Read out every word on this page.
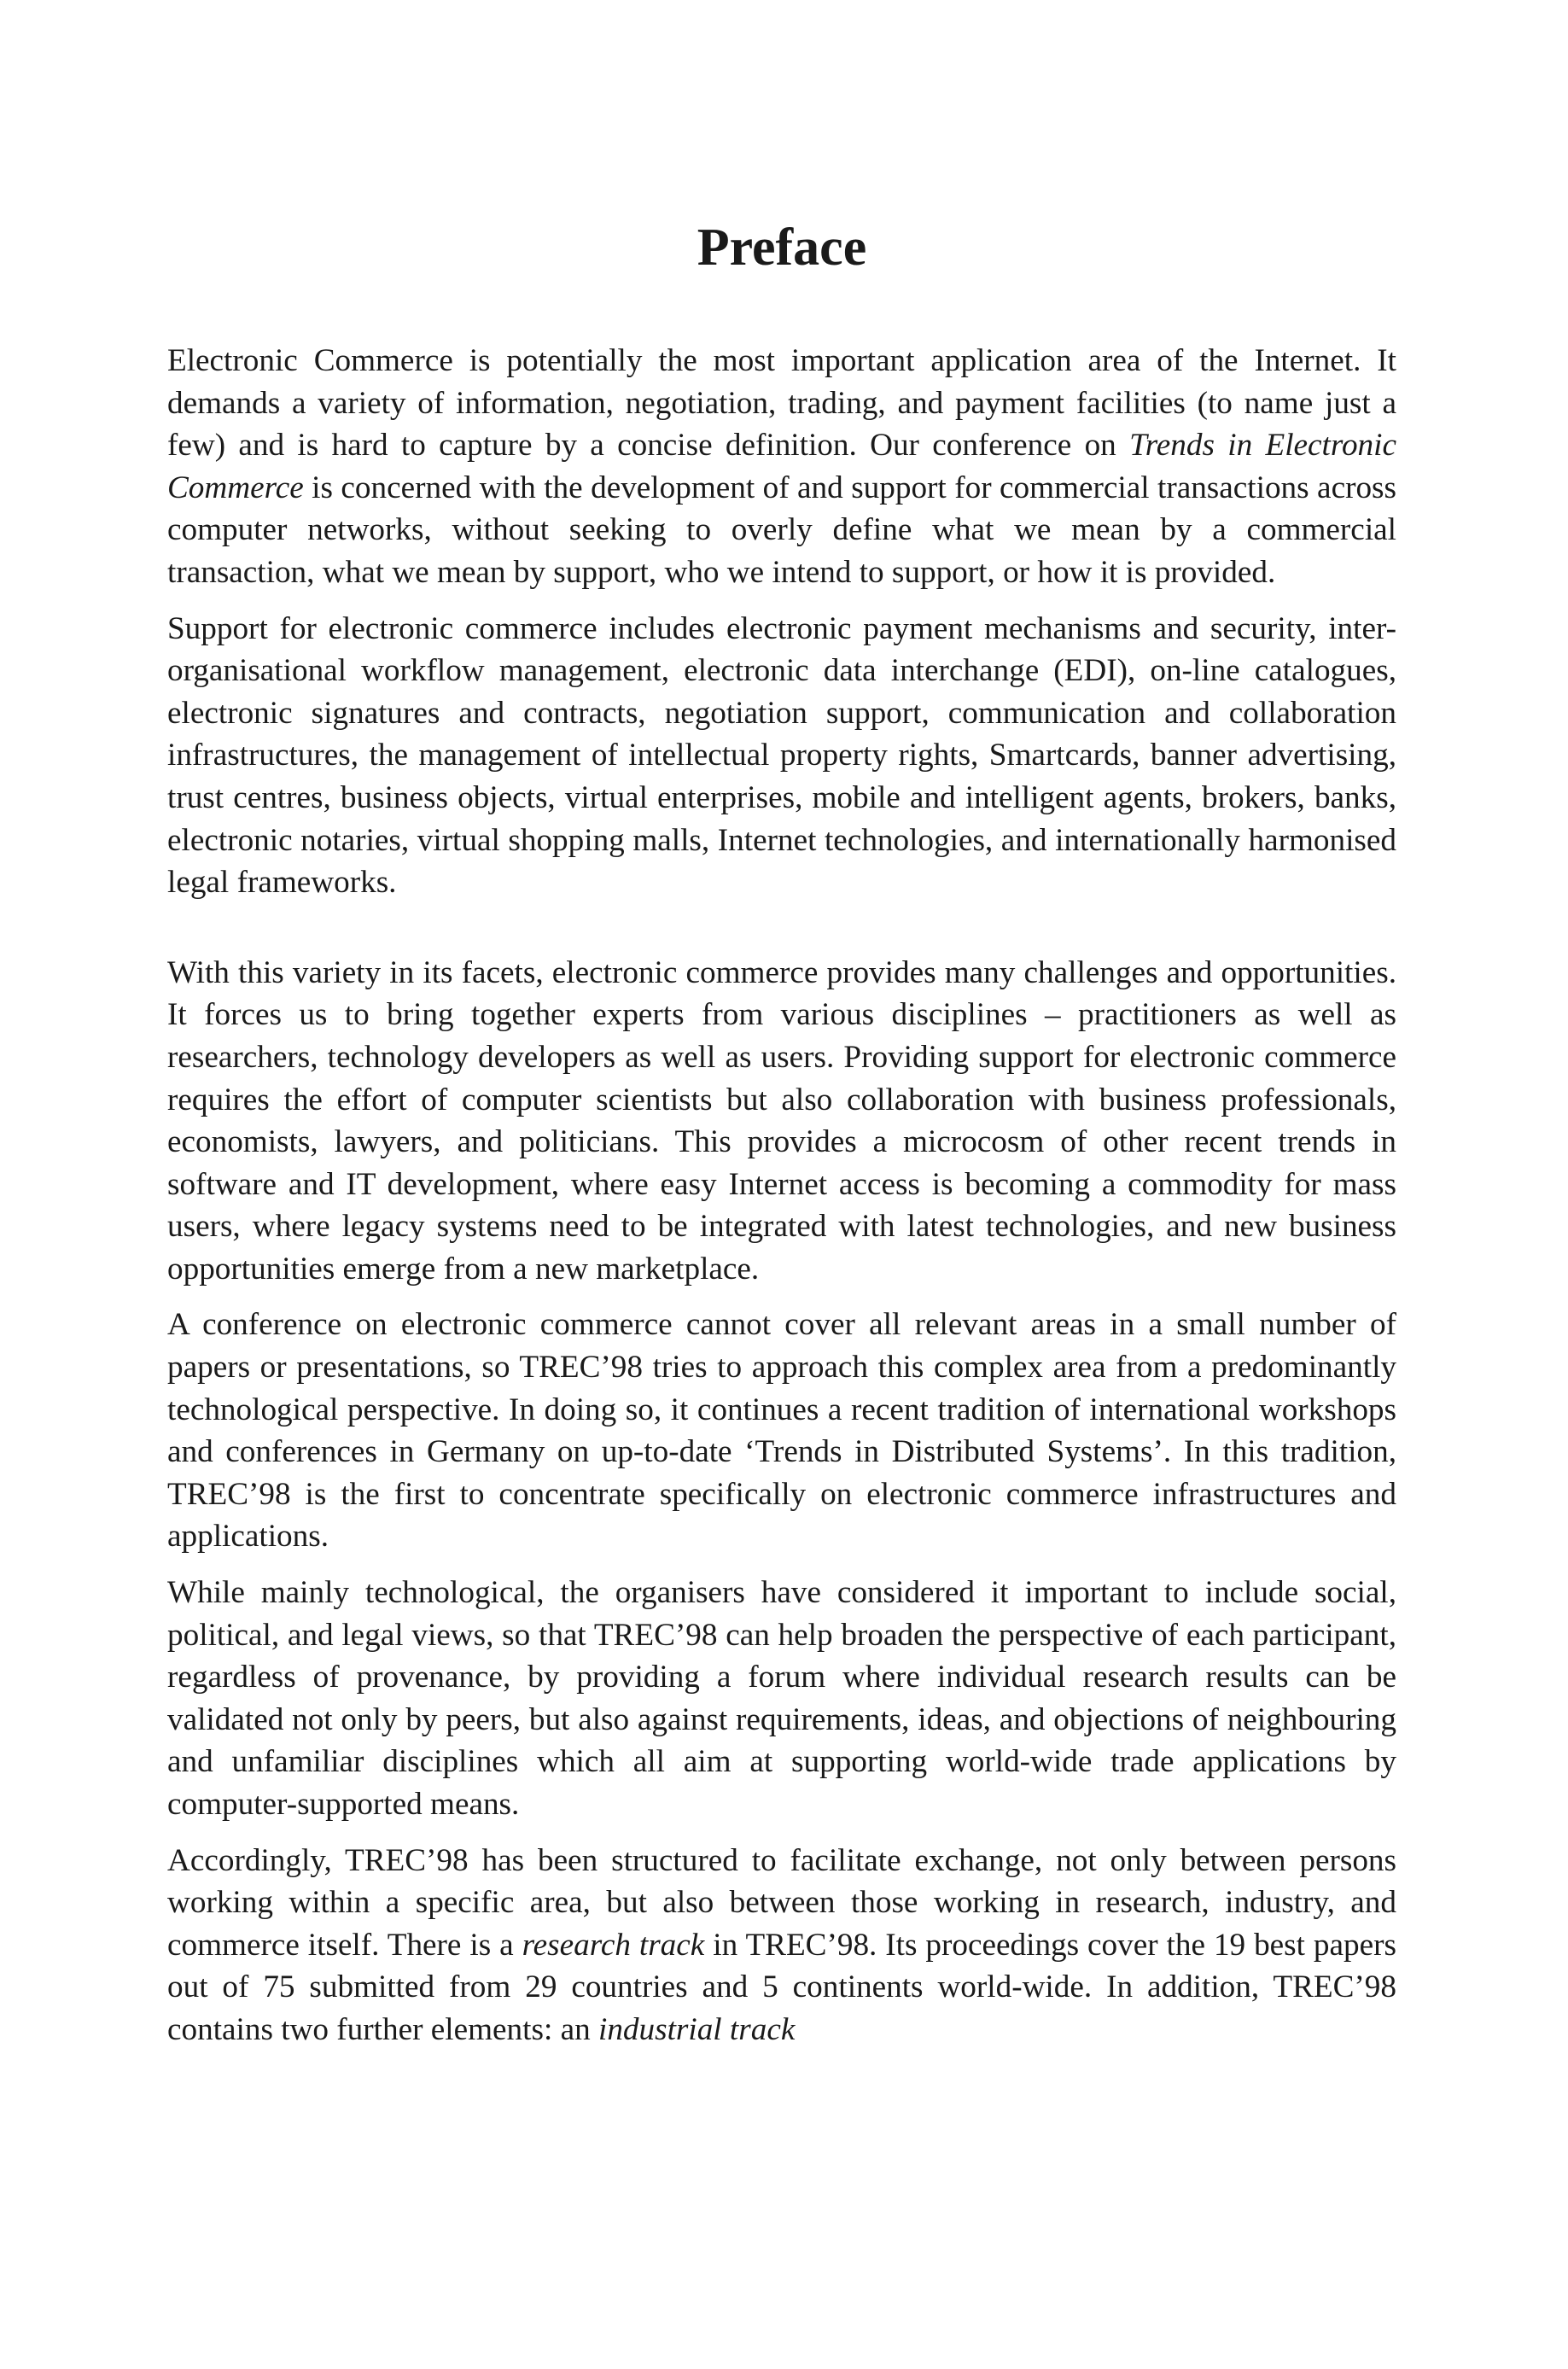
Preface

Electronic Commerce is potentially the most important application area of the Internet. It demands a variety of information, negotiation, trading, and payment facilities (to name just a few) and is hard to capture by a concise definition. Our conference on Trends in Electronic Commerce is concerned with the development of and support for commercial transactions across computer networks, without seeking to overly define what we mean by a commercial transaction, what we mean by support, who we intend to support, or how it is provided.

Support for electronic commerce includes electronic payment mechanisms and security, inter-organisational workflow management, electronic data interchange (EDI), on-line catalogues, electronic signatures and contracts, negotiation support, communication and collaboration infrastructures, the management of intellectual property rights, Smartcards, banner advertising, trust centres, business objects, virtual enterprises, mobile and intelligent agents, brokers, banks, electronic notaries, virtual shopping malls, Internet technologies, and internationally harmonised legal frameworks.

With this variety in its facets, electronic commerce provides many challenges and opportunities. It forces us to bring together experts from various disciplines – practitioners as well as researchers, technology developers as well as users. Providing support for electronic commerce requires the effort of computer scientists but also collaboration with business professionals, economists, lawyers, and politicians. This provides a microcosm of other recent trends in software and IT development, where easy Internet access is becoming a commodity for mass users, where legacy systems need to be integrated with latest technologies, and new business opportunities emerge from a new marketplace.

A conference on electronic commerce cannot cover all relevant areas in a small number of papers or presentations, so TREC’98 tries to approach this complex area from a predominantly technological perspective. In doing so, it continues a recent tradition of international workshops and conferences in Germany on up-to-date ‘Trends in Distributed Systems’. In this tradition, TREC’98 is the first to concentrate specifically on electronic commerce infrastructures and applications.

While mainly technological, the organisers have considered it important to include social, political, and legal views, so that TREC’98 can help broaden the perspective of each participant, regardless of provenance, by providing a forum where individual research results can be validated not only by peers, but also against requirements, ideas, and objections of neighbouring and unfamiliar disciplines which all aim at supporting world-wide trade applications by computer-supported means.

Accordingly, TREC’98 has been structured to facilitate exchange, not only between persons working within a specific area, but also between those working in research, industry, and commerce itself. There is a research track in TREC’98. Its proceedings cover the 19 best papers out of 75 submitted from 29 countries and 5 continents world-wide. In addition, TREC’98 contains two further elements: an industrial track
